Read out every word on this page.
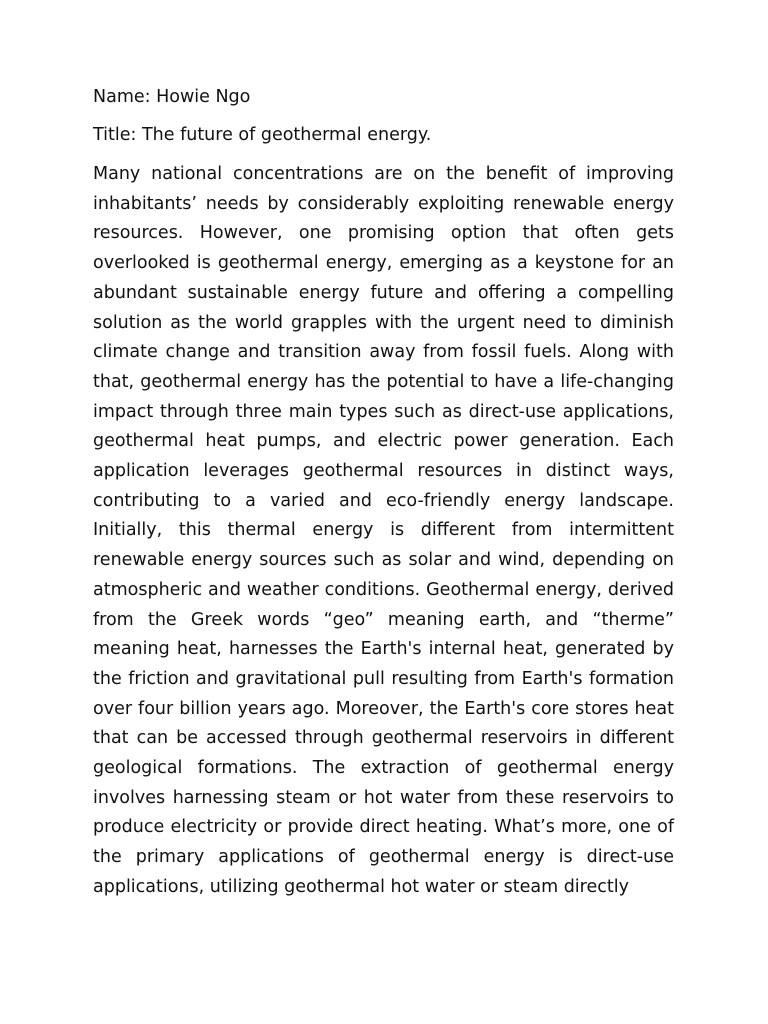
Name: Howie Ngo

Title: The future of geothermal energy.

Many national concentrations are on the benefit of improving inhabitants’ needs by considerably exploiting renewable energy resources. However, one promising option that often gets overlooked is geothermal energy, emerging as a keystone for an abundant sustainable energy future and offering a compelling solution as the world grapples with the urgent need to diminish climate change and transition away from fossil fuels. Along with that, geothermal energy has the potential to have a life-changing impact through three main types such as direct-use applications, geothermal heat pumps, and electric power generation. Each application leverages geothermal resources in distinct ways, contributing to a varied and eco-friendly energy landscape. Initially, this thermal energy is different from intermittent renewable energy sources such as solar and wind, depending on atmospheric and weather conditions. Geothermal energy, derived from the Greek words “geo” meaning earth, and “therme” meaning heat, harnesses the Earth's internal heat, generated by the friction and gravitational pull resulting from Earth's formation over four billion years ago. Moreover, the Earth's core stores heat that can be accessed through geothermal reservoirs in different geological formations. The extraction of geothermal energy involves harnessing steam or hot water from these reservoirs to produce electricity or provide direct heating. What’s more, one of the primary applications of geothermal energy is direct-use applications, utilizing geothermal hot water or steam directly
